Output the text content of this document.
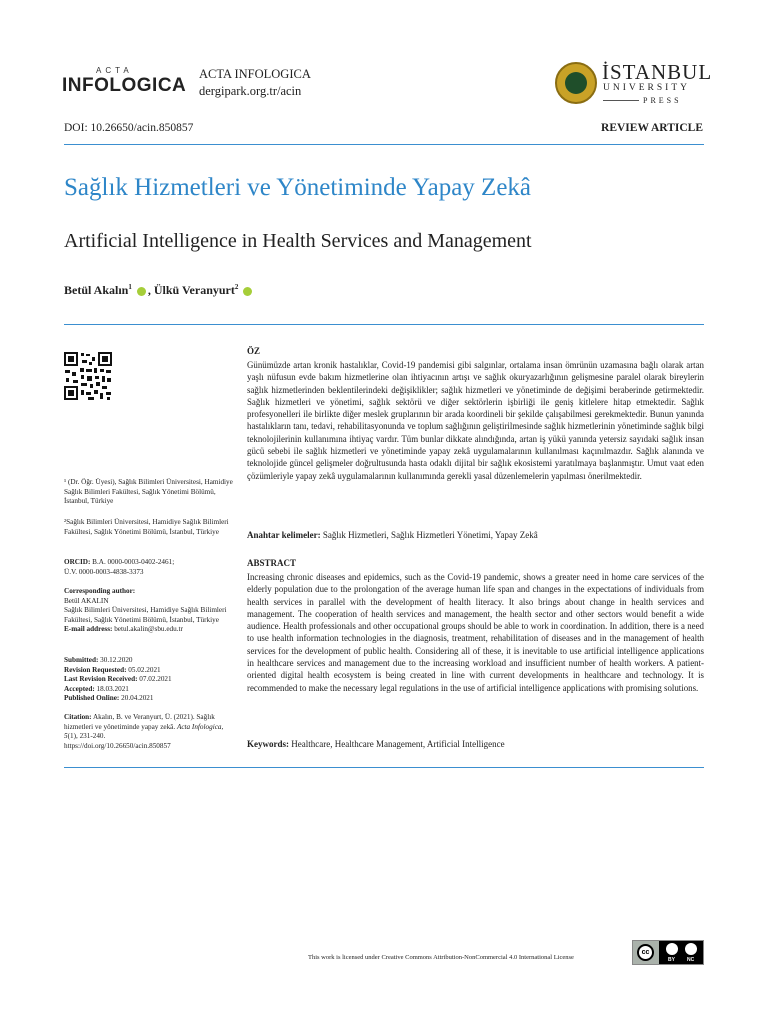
ACTA
INFOLOGICA
ACTA INFOLOGICA
dergipark.org.tr/acin
İSTANBUL
UNIVERSITY
PRESS
DOI: 10.26650/acin.850857	REVIEW ARTICLE
Sağlık Hizmetleri ve Yönetiminde Yapay Zekâ
Artificial Intelligence in Health Services and Management
Betül Akalın$^1$ , Ülkü Veranyurt$^2$
¹ (Dr. Öğr. Üyesi), Sağlık Bilimleri Üniversitesi, Hamidiye Sağlık Bilimleri Fakültesi, Sağlık Yönetimi Bölümü, İstanbul, Türkiye
²Sağlık Bilimleri Üniversitesi, Hamidiye Sağlık Bilimleri Fakültesi, Sağlık Yönetimi Bölümü, İstanbul, Türkiye
ORCID: B.A. 0000-0003-0402-2461;
Ü.V. 0000-0003-4838-3373
Corresponding author:
Betül AKALIN
Sağlık Bilimleri Üniversitesi, Hamidiye Sağlık Bilimleri Fakültesi, Sağlık Yönetimi Bölümü, İstanbul, Türkiye
E-mail address: betul.akalin@sbu.edu.tr
Submitted: 30.12.2020
Revision Requested: 05.02.2021
Last Revision Received: 07.02.2021
Accepted: 18.03.2021
Published Online: 20.04.2021
Citation: Akalın, B. ve Veranyurt, Ü. (2021). Sağlık hizmetleri ve yönetiminde yapay zekâ. Acta Infologica, 5(1), 231-240.
https://doi.org/10.26650/acin.850857
ÖZ

Günümüzde artan kronik hastalıklar, Covid-19 pandemisi gibi salgınlar, ortalama insan ömrünün uzamasına bağlı olarak artan yaşlı nüfusun evde bakım hizmetlerine olan ihtiyacının artışı ve sağlık okuryazarlığının gelişmesine paralel olarak bireylerin sağlık hizmetlerinden beklentilerindeki değişiklikler; sağlık hizmetleri ve yönetiminde de değişimi beraberinde getirmektedir. Sağlık hizmetleri ve yönetimi, sağlık sektörü ve diğer sektörlerin işbirliği ile geniş kitlelere hitap etmektedir. Sağlık profesyonelleri ile birlikte diğer meslek gruplarının bir arada koordineli bir şekilde çalışabilmesi gerekmektedir. Bunun yanında hastalıkların tanı, tedavi, rehabilitasyonunda ve toplum sağlığının geliştirilmesinde sağlık hizmetlerinin yönetiminde sağlık bilgi teknolojilerinin kullanımına ihtiyaç vardır. Tüm bunlar dikkate alındığında, artan iş yükü yanında yetersiz sayıdaki sağlık insan gücü sebebi ile sağlık hizmetleri ve yönetiminde yapay zekâ uygulamalarının kullanılması kaçınılmazdır. Sağlık alanında ve teknolojide güncel gelişmeler doğrultusunda hasta odaklı dijital bir sağlık ekosistemi yaratılmaya başlanmıştır. Umut vaat eden çözümleriyle yapay zekâ uygulamalarının kullanımında gerekli yasal düzenlemelerin yapılması önerilmektedir.

Anahtar kelimeler: Sağlık Hizmetleri, Sağlık Hizmetleri Yönetimi, Yapay Zekâ
ABSTRACT

Increasing chronic diseases and epidemics, such as the Covid-19 pandemic, shows a greater need in home care services of the elderly population due to the prolongation of the average human life span and changes in the expectations of individuals from health services in parallel with the development of health literacy. It also brings about change in health services and management. The cooperation of health services and management, the health sector and other sectors would benefit a wide audience. Health professionals and other occupational groups should be able to work in coordination. In addition, there is a need to use health information technologies in the diagnosis, treatment, rehabilitation of diseases and in the management of health services for the development of public health. Considering all of these, it is inevitable to use artificial intelligence applications in healthcare services and management due to the increasing workload and insufficient number of health workers. A patient-oriented digital health ecosystem is being created in line with current developments in healthcare and technology. It is recommended to make the necessary legal regulations in the use of artificial intelligence applications with promising solutions.

Keywords: Healthcare, Healthcare Management, Artificial Intelligence
This work is licensed under Creative Commons Attribution-NonCommercial 4.0 International License
cc
BY NC
